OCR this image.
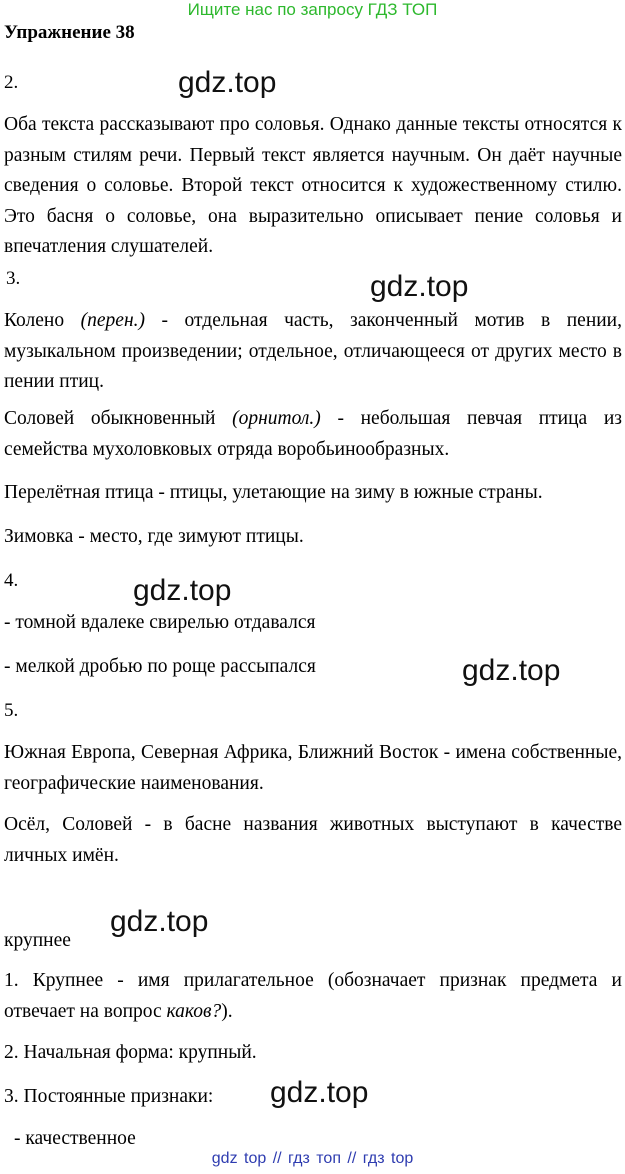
Ищите нас по запросу ГДЗ ТОП
Упражнение 38
2.	gdz.top
Оба текста рассказывают про соловья. Однако данные тексты относятся к разным стилям речи. Первый текст является научным. Он даёт научные сведения о соловье. Второй текст относится к художественному стилю. Это басня о соловье, она выразительно описывает пение соловья и впечатления слушателей.
3.	gdz.top
Колено (перен.) - отдельная часть, законченный мотив в пении, музыкальном произведении; отдельное, отличающееся от других место в пении птиц.
Соловей обыкновенный (орнитол.) - небольшая певчая птица из семейства мухоловковых отряда воробьинообразных.
Перелётная птица - птицы, улетающие на зиму в южные страны.
Зимовка - место, где зимуют птицы.
4.	gdz.top
- томной вдалеке свирелью отдавался
- мелкой дробью по роще рассыпался	gdz.top
5.
Южная Европа, Северная Африка, Ближний Восток - имена собственные, географические наименования.
Осёл, Соловей - в басне названия животных выступают в качестве личных имён.
gdz.top
крупнее
1. Крупнее - имя прилагательное (обозначает признак предмета и отвечает на вопрос каков?).
2. Начальная форма: крупный.
3. Постоянные признаки: gdz.top
- качественное
gdz top // гдз топ // гдз top
